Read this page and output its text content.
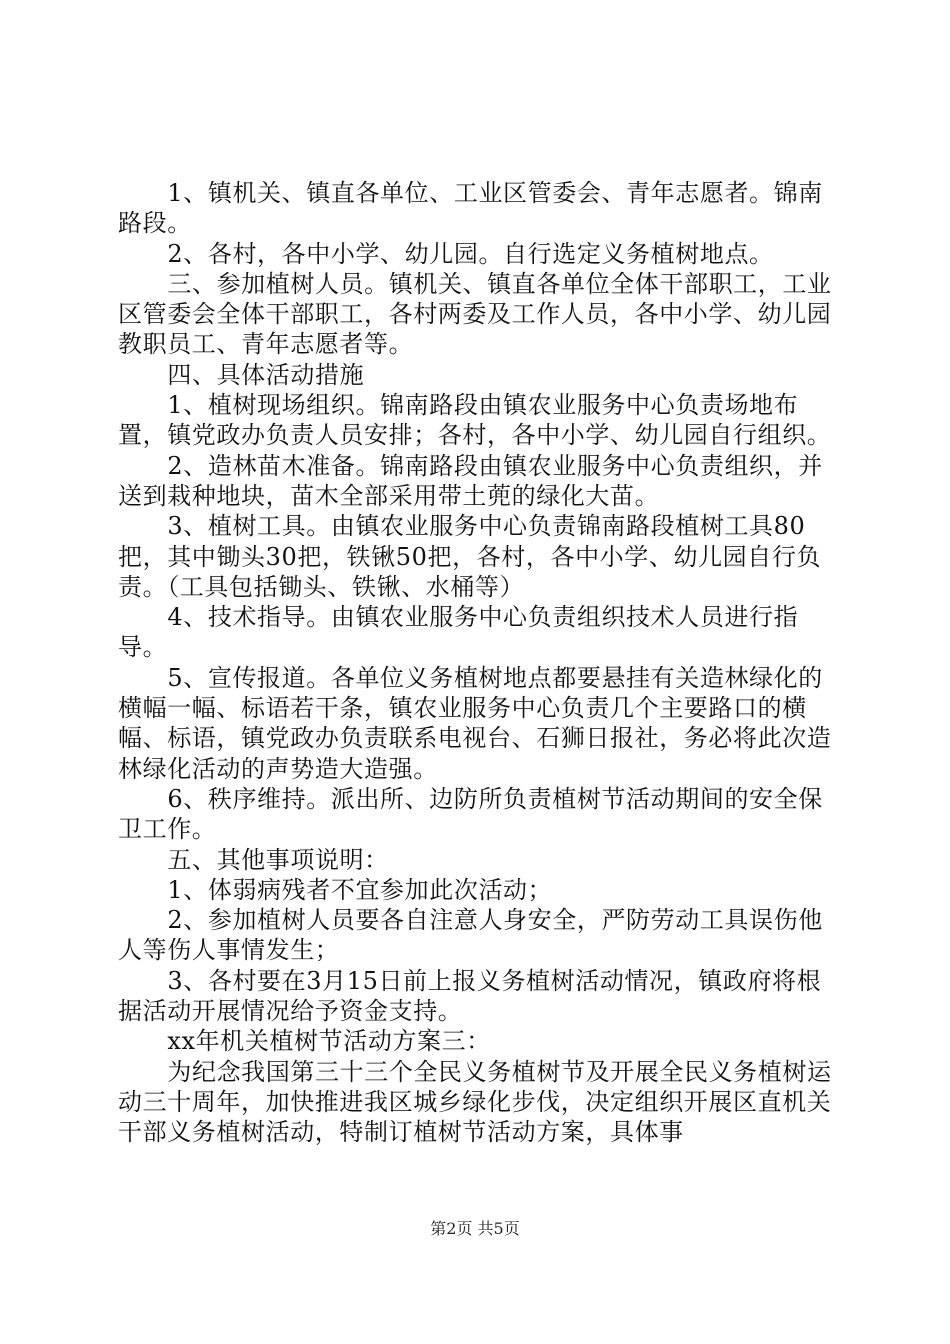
1、镇机关、镇直各单位、工业区管委会、青年志愿者。锦南路段。

2、各村，各中小学、幼儿园。自行选定义务植树地点。

三、参加植树人员。镇机关、镇直各单位全体干部职工，工业区管委会全体干部职工，各村两委及工作人员，各中小学、幼儿园教职员工、青年志愿者等。

四、具体活动措施

1、植树现场组织。锦南路段由镇农业服务中心负责场地布置，镇党政办负责人员安排；各村，各中小学、幼儿园自行组织。

2、造林苗木准备。锦南路段由镇农业服务中心负责组织，并送到栽种地块，苗木全部采用带土蔸的绿化大苗。

3、植树工具。由镇农业服务中心负责锦南路段植树工具80把，其中锄头30把，铁锹50把，各村，各中小学、幼儿园自行负责。（工具包括锄头、铁锹、水桶等）

4、技术指导。由镇农业服务中心负责组织技术人员进行指导。

5、宣传报道。各单位义务植树地点都要悬挂有关造林绿化的横幅一幅、标语若干条，镇农业服务中心负责几个主要路口的横幅、标语，镇党政办负责联系电视台、石狮日报社，务必将此次造林绿化活动的声势造大造强。

6、秩序维持。派出所、边防所负责植树节活动期间的安全保卫工作。

五、其他事项说明：

1、体弱病残者不宜参加此次活动；

2、参加植树人员要各自注意人身安全，严防劳动工具误伤他人等伤人事情发生；

3、各村要在3月15日前上报义务植树活动情况，镇政府将根据活动开展情况给予资金支持。

xx年机关植树节活动方案三：

为纪念我国第三十三个全民义务植树节及开展全民义务植树运动三十周年，加快推进我区城乡绿化步伐，决定组织开展区直机关干部义务植树活动，特制订植树节活动方案，具体事

第2页 共5页
